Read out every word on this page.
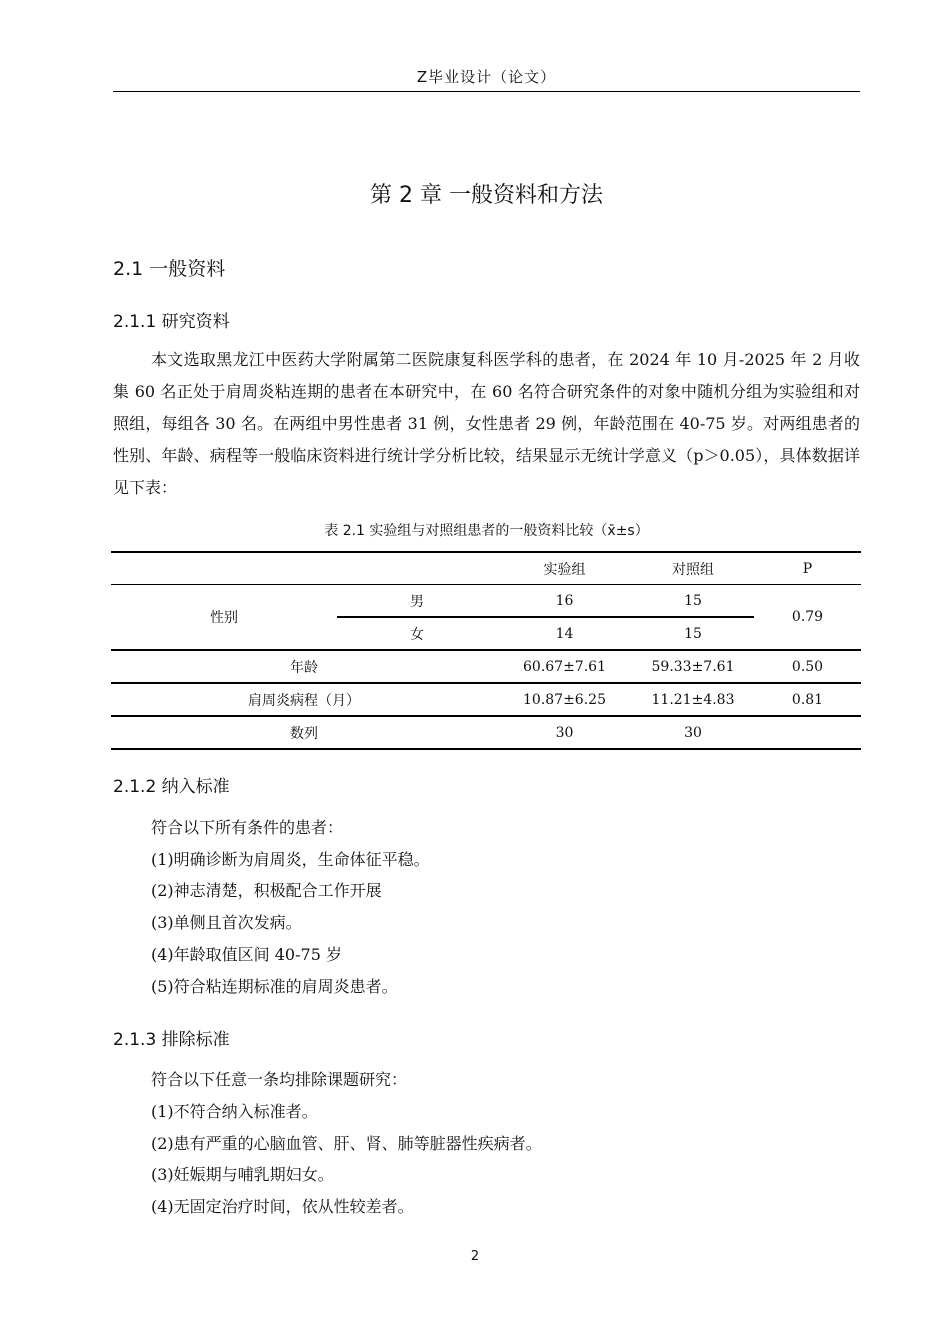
Z毕业设计（论文）
第 2 章 一般资料和方法
2.1 一般资料
2.1.1 研究资料
本文选取黑龙江中医药大学附属第二医院康复科医学科的患者，在 2024 年 10 月-2025 年 2 月收集 60 名正处于肩周炎粘连期的患者在本研究中，在 60 名符合研究条件的对象中随机分组为实验组和对照组，每组各 30 名。在两组中男性患者 31 例，女性患者 29 例，年龄范围在 40-75 岁。对两组患者的性别、年龄、病程等一般临床资料进行统计学分析比较，结果显示无统计学意义（p＞0.05），具体数据详见下表：
表 2.1 实验组与对照组患者的一般资料比较（x̄±s）
		实验组	对照组	P
性别	男	16	15	0.79
	女	14	15	
年龄		60.67±7.61	59.33±7.61	0.50
肩周炎病程（月）		10.87±6.25	11.21±4.83	0.81
数列		30	30	
2.1.2 纳入标准
符合以下所有条件的患者：
(1)明确诊断为肩周炎，生命体征平稳。
(2)神志清楚，积极配合工作开展
(3)单侧且首次发病。
(4)年龄取值区间 40-75 岁
(5)符合粘连期标准的肩周炎患者。
2.1.3 排除标准
符合以下任意一条均排除课题研究：
(1)不符合纳入标准者。
(2)患有严重的心脑血管、肝、肾、肺等脏器性疾病者。
(3)妊娠期与哺乳期妇女。
(4)无固定治疗时间，依从性较差者。
2
